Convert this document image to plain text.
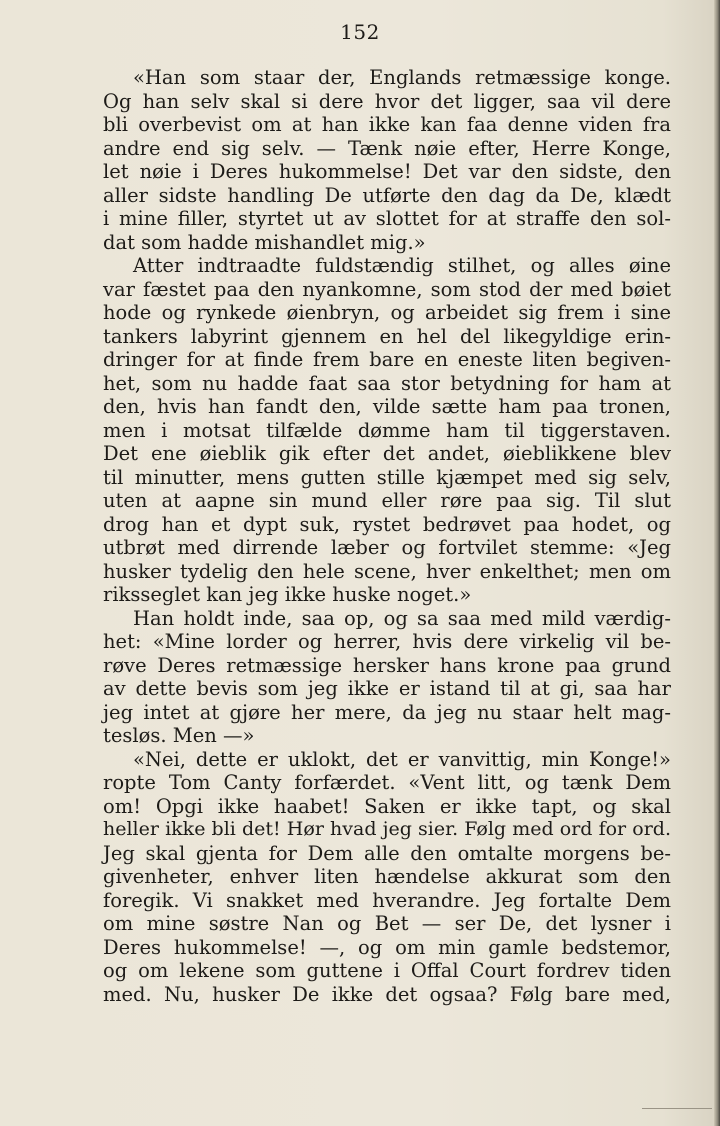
152
«Han som staar der, Englands retmæssige konge.
Og han selv skal si dere hvor det ligger, saa vil dere
bli overbevist om at han ikke kan faa denne viden fra
andre end sig selv. — Tænk nøie efter, Herre Konge,
let nøie i Deres hukommelse! Det var den sidste, den
aller sidste handling De utførte den dag da De, klædt
i mine filler, styrtet ut av slottet for at straffe den sol-
dat som hadde mishandlet mig.»
Atter indtraadte fuldstændig stilhet, og alles øine
var fæstet paa den nyankomne, som stod der med bøiet
hode og rynkede øienbryn, og arbeidet sig frem i sine
tankers labyrint gjennem en hel del likegyldige erin-
dringer for at finde frem bare en eneste liten begiven-
het, som nu hadde faat saa stor betydning for ham at
den, hvis han fandt den, vilde sætte ham paa tronen,
men i motsat tilfælde dømme ham til tiggerstaven.
Det ene øieblik gik efter det andet, øieblikkene blev
til minutter, mens gutten stille kjæmpet med sig selv,
uten at aapne sin mund eller røre paa sig. Til slut
drog han et dypt suk, rystet bedrøvet paa hodet, og
utbrøt med dirrende læber og fortvilet stemme: «Jeg
husker tydelig den hele scene, hver enkelthet; men om
riksseglet kan jeg ikke huske noget.»
Han holdt inde, saa op, og sa saa med mild værdig-
het: «Mine lorder og herrer, hvis dere virkelig vil be-
røve Deres retmæssige hersker hans krone paa grund
av dette bevis som jeg ikke er istand til at gi, saa har
jeg intet at gjøre her mere, da jeg nu staar helt mag-
tesløs. Men —»
«Nei, dette er uklokt, det er vanvittig, min Konge!»
ropte Tom Canty forfærdet. «Vent litt, og tænk Dem
om! Opgi ikke haabet! Saken er ikke tapt, og skal
heller ikke bli det! Hør hvad jeg sier. Følg med ord for ord.
Jeg skal gjenta for Dem alle den omtalte morgens be-
givenheter, enhver liten hændelse akkurat som den
foregik. Vi snakket med hverandre. Jeg fortalte Dem
om mine søstre Nan og Bet — ser De, det lysner i
Deres hukommelse! —, og om min gamle bedstemor,
og om lekene som guttene i Offal Court fordrev tiden
med. Nu, husker De ikke det ogsaa? Følg bare med,
